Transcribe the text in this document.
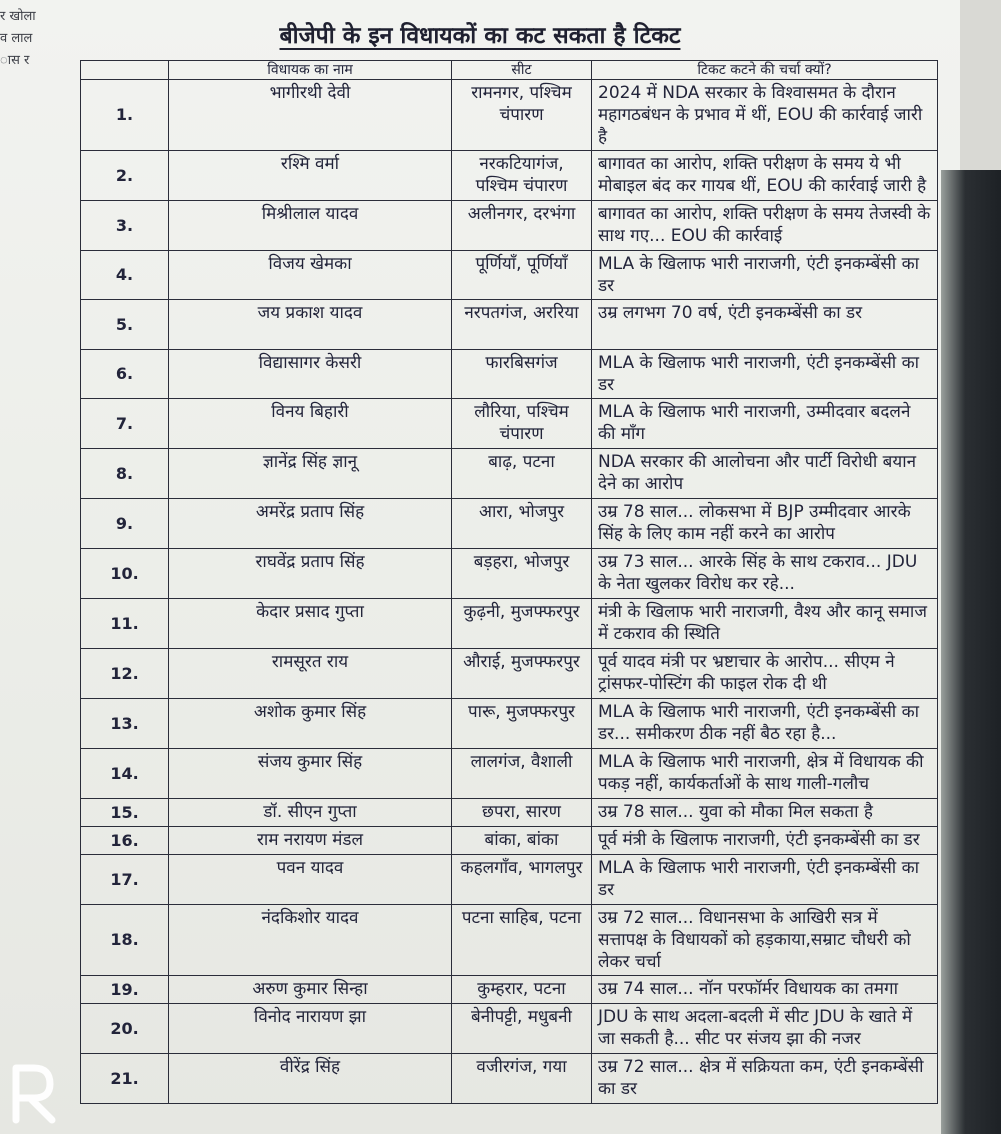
र खोला
व लाल
ास र
बीजेपी के इन विधायकों का कट सकता है टिकट
	विधायक का नाम	सीट	टिकट कटने की चर्चा क्यों?
1.	भागीरथी देवी	रामनगर, पश्चिम चंपारण	2024 में NDA सरकार के विश्वासमत के दौरान महागठबंधन के प्रभाव में थीं, EOU की कार्रवाई जारी है
2.	रश्मि वर्मा	नरकटियागंज, पश्चिम चंपारण	बागावत का आरोप, शक्ति परीक्षण के समय ये भी मोबाइल बंद कर गायब थीं, EOU की कार्रवाई जारी है
3.	मिश्रीलाल यादव	अलीनगर, दरभंगा	बागावत का आरोप, शक्ति परीक्षण के समय तेजस्वी के साथ गए... EOU की कार्रवाई
4.	विजय खेमका	पूर्णियाँ, पूर्णियाँ	MLA के खिलाफ भारी नाराजगी, एंटी इनकम्बेंसी का डर
5.	जय प्रकाश यादव	नरपतगंज, अररिया	उम्र लगभग 70 वर्ष, एंटी इनकम्बेंसी का डर
6.	विद्यासागर केसरी	फारबिसगंज	MLA के खिलाफ भारी नाराजगी, एंटी इनकम्बेंसी का डर
7.	विनय बिहारी	लौरिया, पश्चिम चंपारण	MLA के खिलाफ भारी नाराजगी, उम्मीदवार बदलने की माँग
8.	ज्ञानेंद्र सिंह ज्ञानू	बाढ़, पटना	NDA सरकार की आलोचना और पार्टी विरोधी बयान देने का आरोप
9.	अमरेंद्र प्रताप सिंह	आरा, भोजपुर	उम्र 78 साल... लोकसभा में BJP उम्मीदवार आरके सिंह के लिए काम नहीं करने का आरोप
10.	राघवेंद्र प्रताप सिंह	बड़हरा, भोजपुर	उम्र 73 साल... आरके सिंह के साथ टकराव... JDU के नेता खुलकर विरोध कर रहे...
11.	केदार प्रसाद गुप्ता	कुढ़नी, मुजफ्फरपुर	मंत्री के खिलाफ भारी नाराजगी, वैश्य और कानू समाज में टकराव की स्थिति
12.	रामसूरत राय	औराई, मुजफ्फरपुर	पूर्व यादव मंत्री पर भ्रष्टाचार के आरोप... सीएम ने ट्रांसफर-पोस्टिंग की फाइल रोक दी थी
13.	अशोक कुमार सिंह	पारू, मुजफ्फरपुर	MLA के खिलाफ भारी नाराजगी, एंटी इनकम्बेंसी का डर... समीकरण ठीक नहीं बैठ रहा है...
14.	संजय कुमार सिंह	लालगंज, वैशाली	MLA के खिलाफ भारी नाराजगी, क्षेत्र में विधायक की पकड़ नहीं, कार्यकर्ताओं के साथ गाली-गलौच
15.	डॉ. सीएन गुप्ता	छपरा, सारण	उम्र 78 साल... युवा को मौका मिल सकता है
16.	राम नरायण मंडल	बांका, बांका	पूर्व मंत्री के खिलाफ नाराजगी, एंटी इनकम्बेंसी का डर
17.	पवन यादव	कहलगाँव, भागलपुर	MLA के खिलाफ भारी नाराजगी, एंटी इनकम्बेंसी का डर
18.	नंदकिशोर यादव	पटना साहिब, पटना	उम्र 72 साल... विधानसभा के आखिरी सत्र में सत्तापक्ष के विधायकों को हड़काया,सम्राट चौधरी को लेकर चर्चा
19.	अरुण कुमार सिन्हा	कुम्हरार, पटना	उम्र 74 साल... नॉन परफॉर्मर विधायक का तमगा
20.	विनोद नारायण झा	बेनीपट्टी, मधुबनी	JDU के साथ अदला-बदली में सीट JDU के खाते में जा सकती है... सीट पर संजय झा की नजर
21.	वीरेंद्र सिंह	वजीरगंज, गया	उम्र 72 साल... क्षेत्र में सक्रियता कम, एंटी इनकम्बेंसी का डर
